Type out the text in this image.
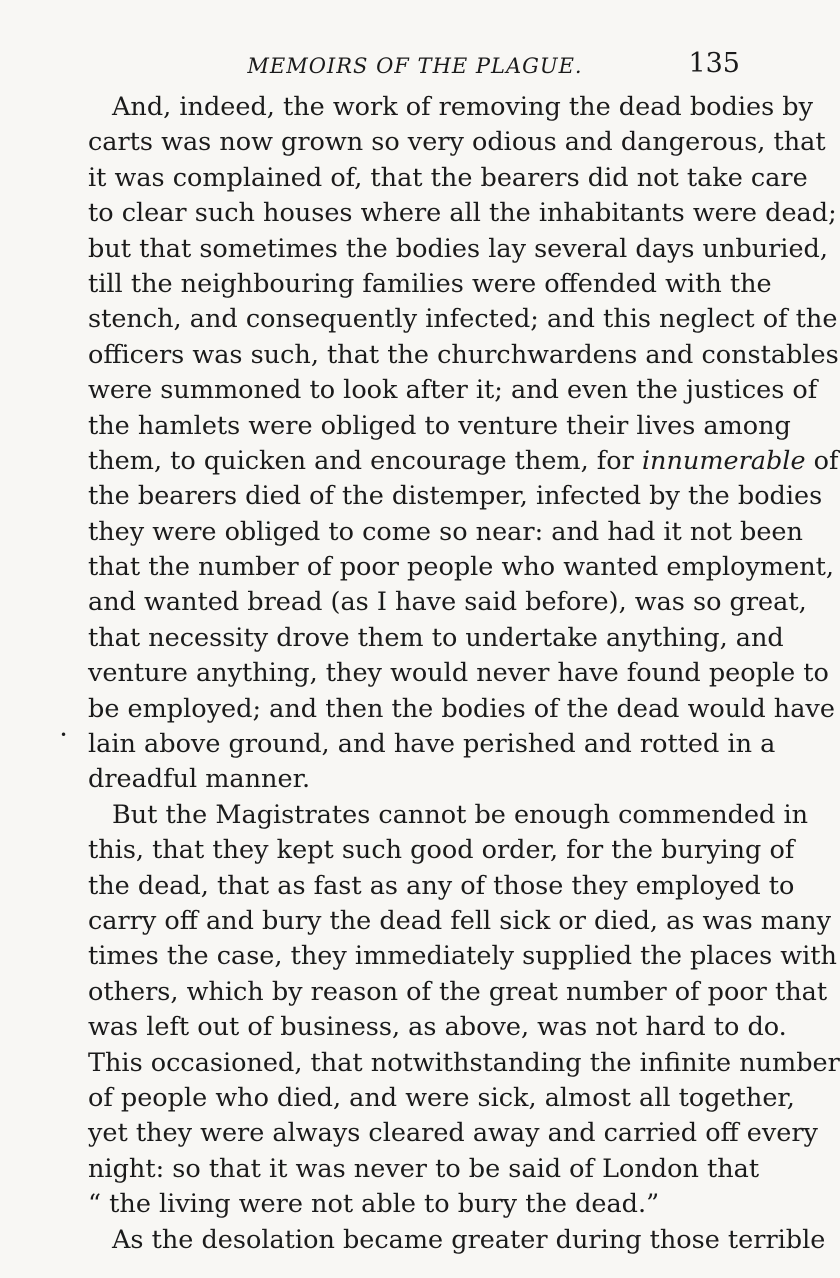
MEMOIRS OF THE PLAGUE.	135
•
And, indeed, the work of removing the dead bodies by
carts was now grown so very odious and dangerous, that
it was complained of, that the bearers did not take care
to clear such houses where all the inhabitants were dead;
but that sometimes the bodies lay several days unburied,
till the neighbouring families were offended with the
stench, and consequently infected; and this neglect of the
officers was such, that the churchwardens and constables
were summoned to look after it; and even the justices of
the hamlets were obliged to venture their lives among
them, to quicken and encourage them, for innumerable of
the bearers died of the distemper, infected by the bodies
they were obliged to come so near: and had it not been
that the number of poor people who wanted employment,
and wanted bread (as I have said before), was so great,
that necessity drove them to undertake anything, and
venture anything, they would never have found people to
be employed; and then the bodies of the dead would have
lain above ground, and have perished and rotted in a
dreadful manner.
But the Magistrates cannot be enough commended in
this, that they kept such good order, for the burying of
the dead, that as fast as any of those they employed to
carry off and bury the dead fell sick or died, as was many
times the case, they immediately supplied the places with
others, which by reason of the great number of poor that
was left out of business, as above, was not hard to do.
This occasioned, that notwithstanding the infinite number
of people who died, and were sick, almost all together,
yet they were always cleared away and carried off every
night: so that it was never to be said of London that
“ the living were not able to bury the dead.”
As the desolation became greater during those terrible
